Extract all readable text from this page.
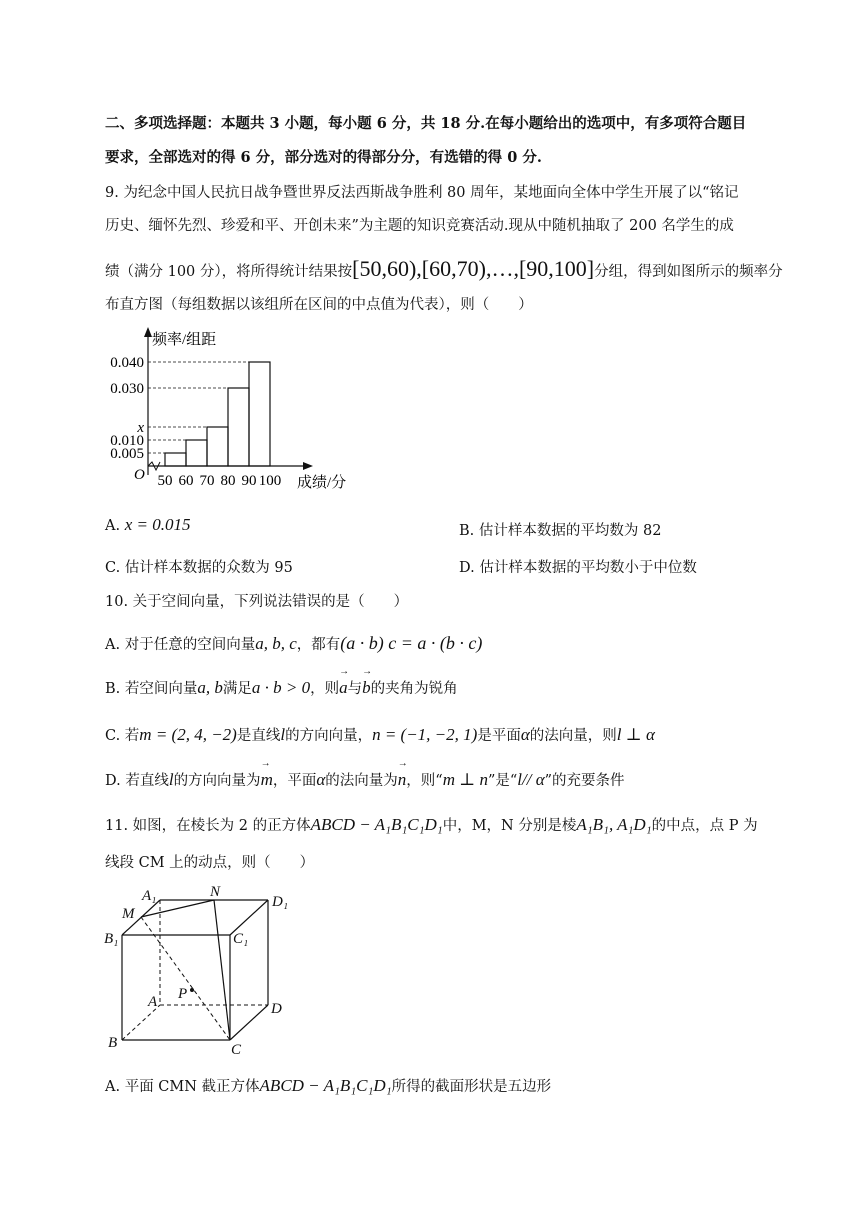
二、多项选择题：本题共 3 小题，每小题 6 分，共 18 分.在每小题给出的选项中，有多项符合题目
要求，全部选对的得 6 分，部分选对的得部分分，有选错的得 0 分.
9. 为纪念中国人民抗日战争暨世界反法西斯战争胜利 80 周年，某地面向全体中学生开展了以“铭记
历史、缅怀先烈、珍爱和平、开创未来”为主题的知识竞赛活动.现从中随机抽取了 200 名学生的成
绩（满分 100 分），将所得统计结果按[50,60),[60,70),…,[90,100]分组，得到如图所示的频率分
布直方图（每组数据以该组所在区间的中点值为代表），则（　　）
频率/组距
成绩/分
O
0.040
0.030
x
0.010
0.005
50 60 70 80 90 100
A. x = 0.015	B. 估计样本数据的平均数为 82
C. 估计样本数据的众数为 95	D. 估计样本数据的平均数小于中位数
10. 关于空间向量，下列说法错误的是（　　）
A. 对于任意的空间向量a, b, c，都有(a · b) c = a · (b · c)
B. 若空间向量a, b满足a · b > 0，则→ a与→ b的夹角为锐角
C. 若m = (2, 4, −2)是直线l的方向向量，n = (−1, −2, 1)是平面α的法向量，则l ⊥ α
D. 若直线l的方向向量为→ m，平面α的法向量为→ n，则“m ⊥ n”是“l// α”的充要条件
11. 如图，在棱长为 2 的正方体ABCD − A₁B₁C₁D₁中，M，N 分别是棱A₁B₁, A₁D₁的中点，点 P 为
线段 CM 上的动点，则（　　）
A₁	N
D₁
M
B₁	C₁
A P
D
B	C
A. 平面 CMN 截正方体ABCD − A₁B₁C₁D₁所得的截面形状是五边形
